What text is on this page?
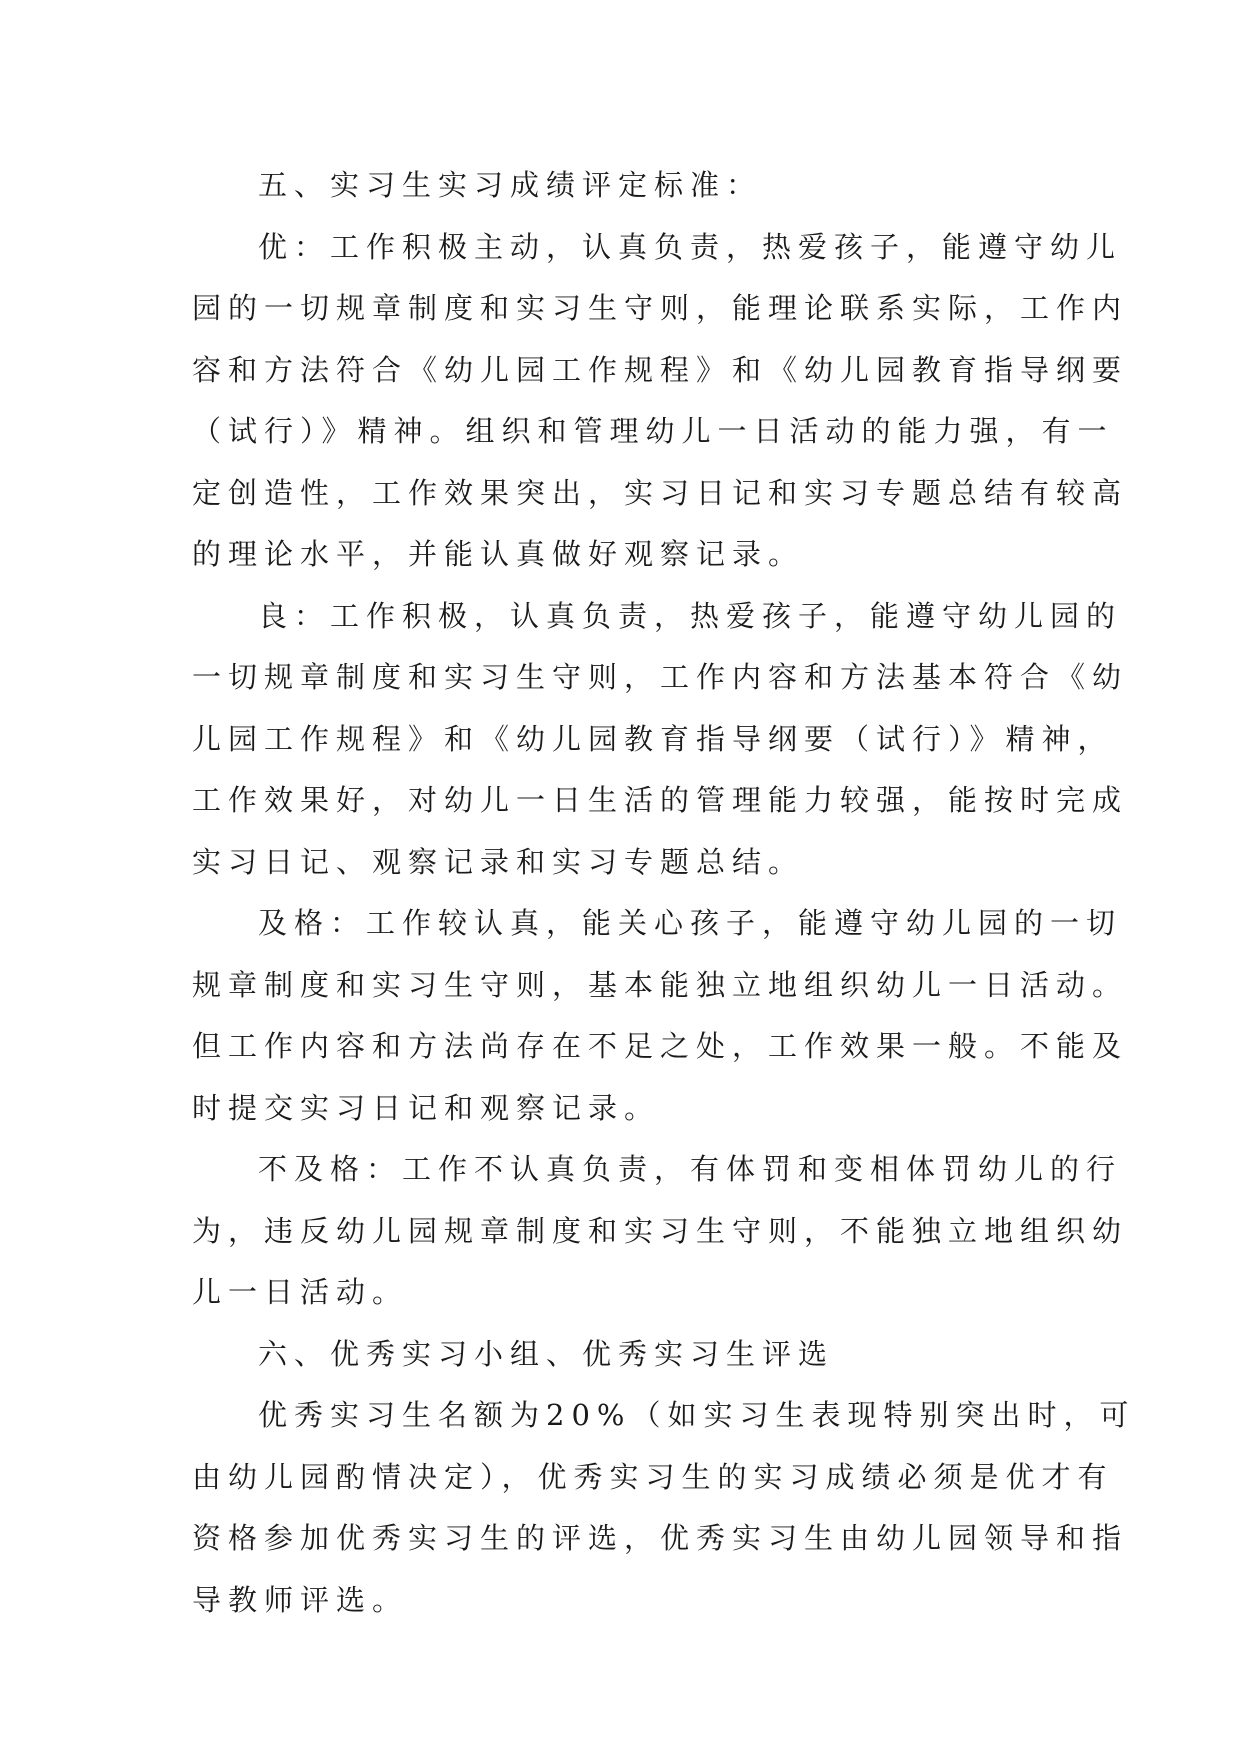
五、实习生实习成绩评定标准：
优：工作积极主动，认真负责，热爱孩子，能遵守幼儿
园的一切规章制度和实习生守则，能理论联系实际，工作内
容和方法符合《幼儿园工作规程》和《幼儿园教育指导纲要
（试行）》精神。组织和管理幼儿一日活动的能力强，有一
定创造性，工作效果突出，实习日记和实习专题总结有较高
的理论水平，并能认真做好观察记录。
良：工作积极，认真负责，热爱孩子，能遵守幼儿园的
一切规章制度和实习生守则，工作内容和方法基本符合《幼
儿园工作规程》和《幼儿园教育指导纲要（试行）》精神，
工作效果好，对幼儿一日生活的管理能力较强，能按时完成
实习日记、观察记录和实习专题总结。
及格：工作较认真，能关心孩子，能遵守幼儿园的一切
规章制度和实习生守则，基本能独立地组织幼儿一日活动。
但工作内容和方法尚存在不足之处，工作效果一般。不能及
时提交实习日记和观察记录。
不及格：工作不认真负责，有体罚和变相体罚幼儿的行
为，违反幼儿园规章制度和实习生守则，不能独立地组织幼
儿一日活动。
六、优秀实习小组、优秀实习生评选
优秀实习生名额为20%（如实习生表现特别突出时，可
由幼儿园酌情决定），优秀实习生的实习成绩必须是优才有
资格参加优秀实习生的评选，优秀实习生由幼儿园领导和指
导教师评选。
